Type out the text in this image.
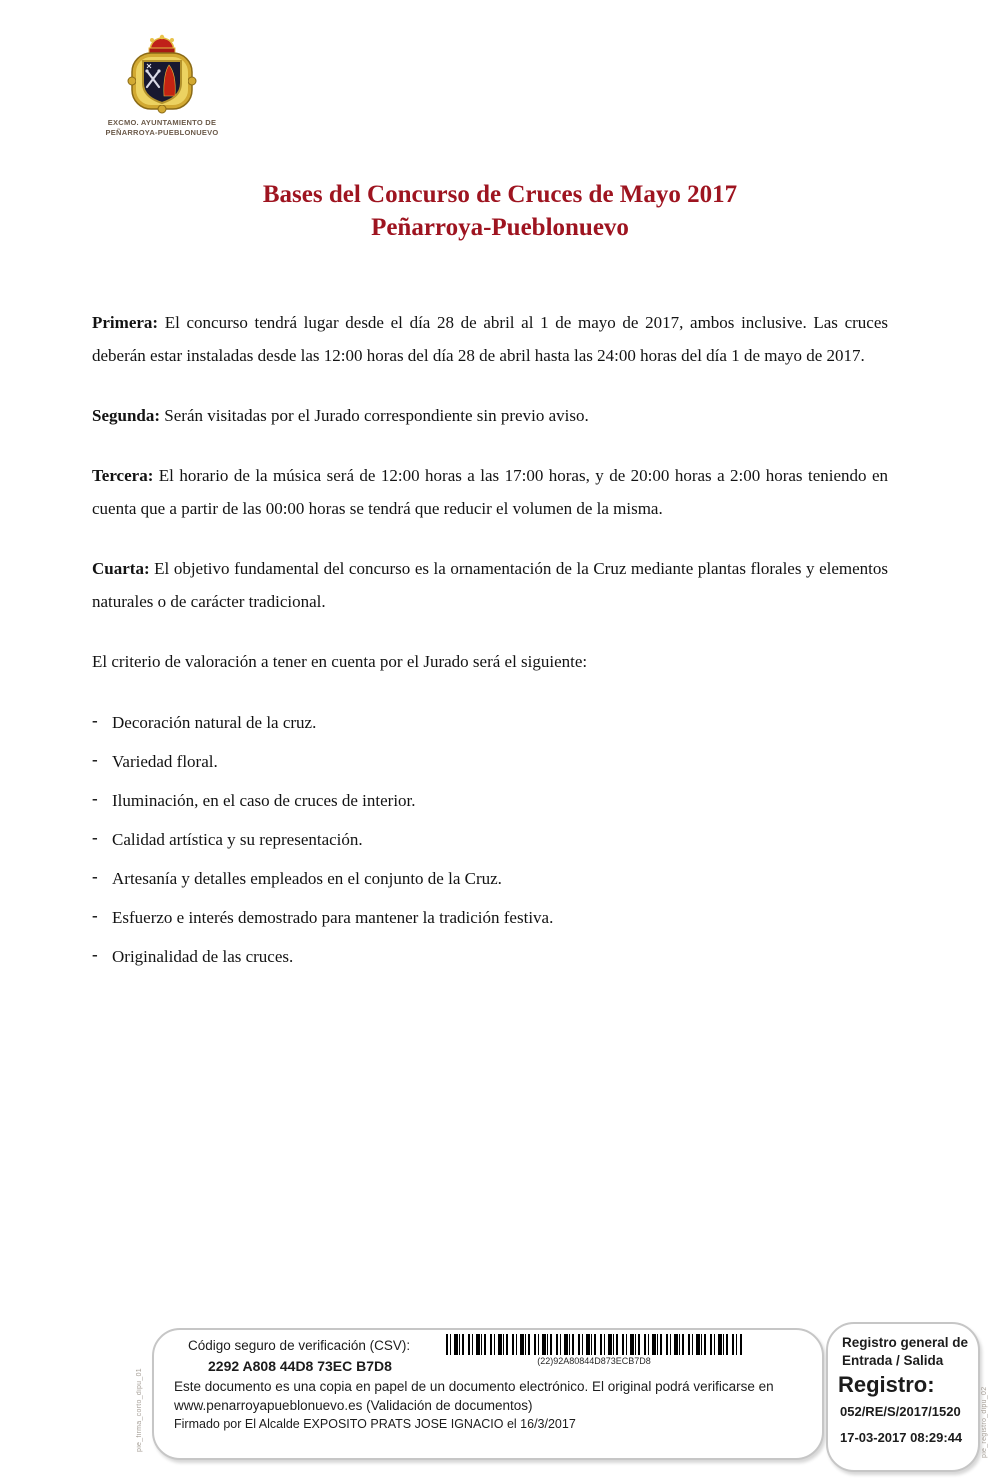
EXCMO. AYUNTAMIENTO DE
PEÑARROYA-PUEBLONUEVO
Bases del Concurso de Cruces de Mayo 2017
Peñarroya-Pueblonuevo

Primera: El concurso tendrá lugar desde el día 28 de abril al 1 de mayo de 2017, ambos inclusive. Las cruces deberán estar instaladas desde las 12:00 horas del día 28 de abril hasta las 24:00 horas del día 1 de mayo de 2017.

Segunda: Serán visitadas por el Jurado correspondiente sin previo aviso.

Tercera: El horario de la música será de 12:00 horas a las 17:00 horas, y de 20:00 horas a 2:00 horas teniendo en cuenta que a partir de las 00:00 horas se tendrá que reducir el volumen de la misma.

Cuarta: El objetivo fundamental del concurso es la ornamentación de la Cruz mediante plantas florales y elementos naturales o de carácter tradicional.

El criterio de valoración a tener en cuenta por el Jurado será el siguiente:

- Decoración natural de la cruz.
- Variedad floral.
- Iluminación, en el caso de cruces de interior.
- Calidad artística y su representación.
- Artesanía y detalles empleados en el conjunto de la Cruz.
- Esfuerzo e interés demostrado para mantener la tradición festiva.
- Originalidad de las cruces.
pie_firma_corto_dipu_01
Código seguro de verificación (CSV):
2292 A808 44D8 73EC B7D8	(22)92A80844D873ECB7D8
Este documento es una copia en papel de un documento electrónico. El original podrá verificarse en
www.penarroyapueblonuevo.es (Validación de documentos)
Firmado por El Alcalde EXPOSITO PRATS JOSE IGNACIO el 16/3/2017
Registro general de
Entrada / Salida
Registro:
052/RE/S/2017/1520
17-03-2017 08:29:44	pie_registro_dipu_02
